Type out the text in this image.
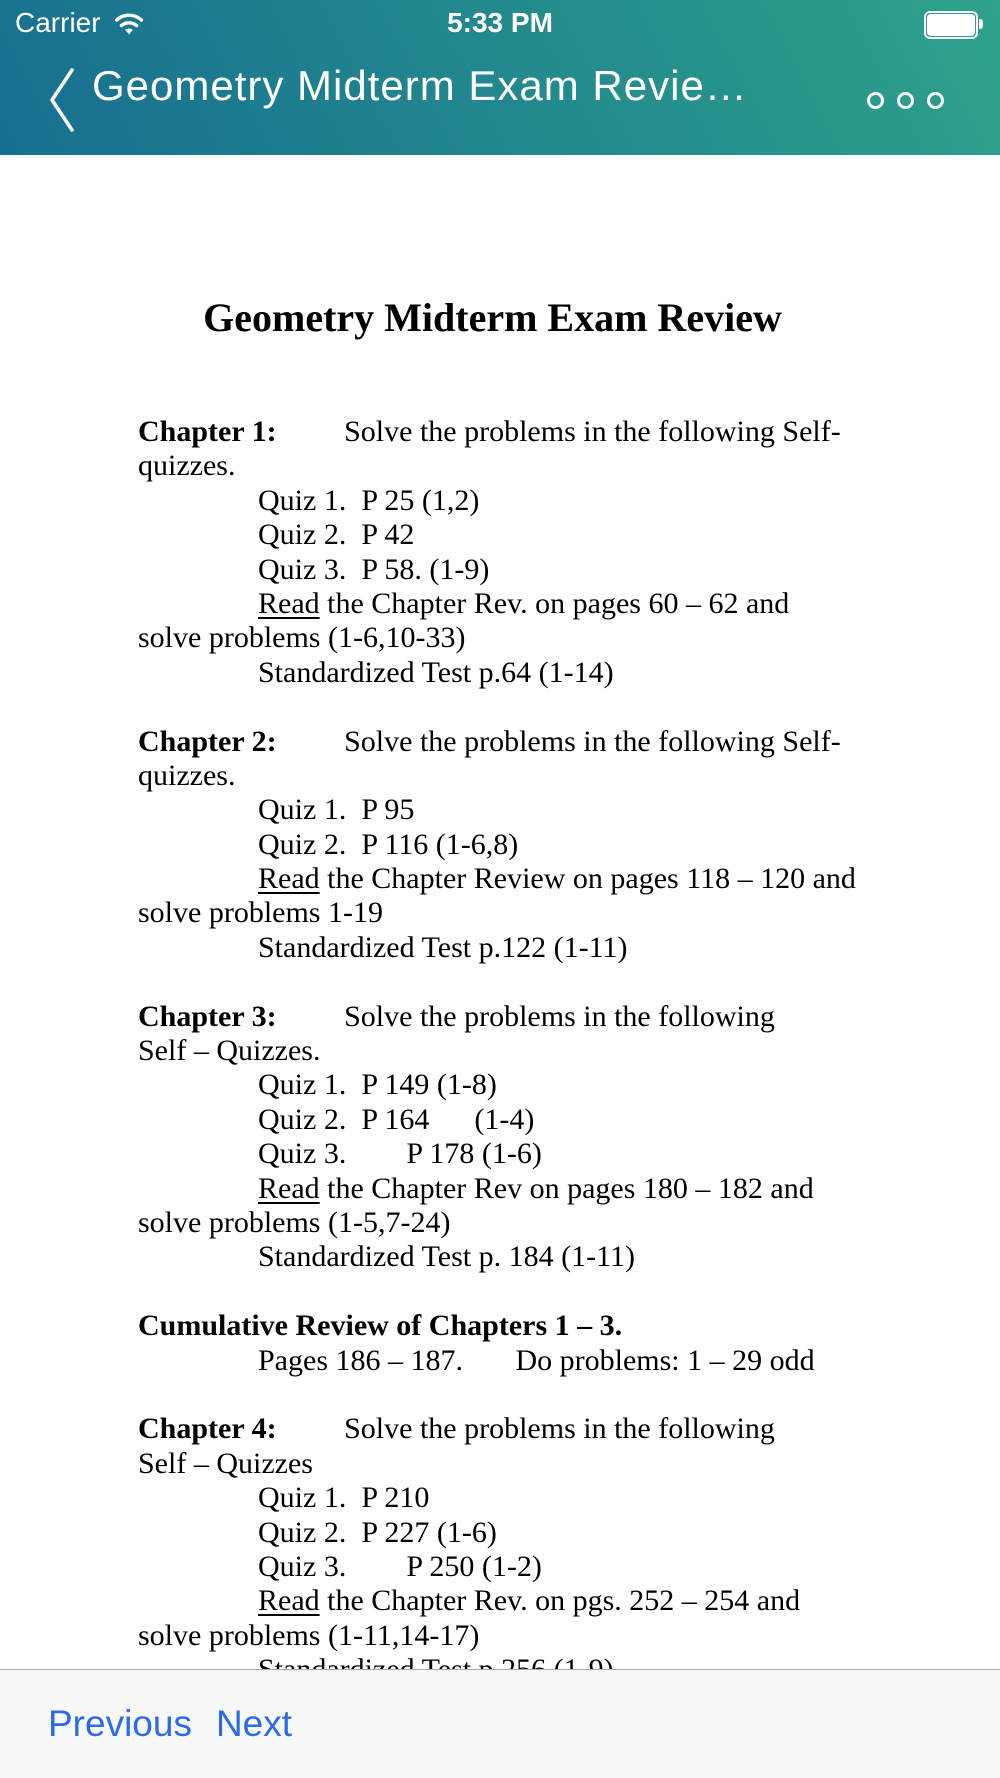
Carrier	5:33 PM
Geometry Midterm Exam Revie…
Geometry Midterm Exam Review
Chapter 1:         Solve the problems in the following Self-
quizzes.
Quiz 1.  P 25 (1,2)
Quiz 2.  P 42
Quiz 3.  P 58. (1-9)
Read the Chapter Rev. on pages 60 – 62 and
solve problems (1-6,10-33)
Standardized Test p.64 (1-14)
Chapter 2:         Solve the problems in the following Self-
quizzes.
Quiz 1.  P 95
Quiz 2.  P 116 (1-6,8)
Read the Chapter Review on pages 118 – 120 and
solve problems 1-19
Standardized Test p.122 (1-11)
Chapter 3:         Solve the problems in the following
Self – Quizzes.
Quiz 1.  P 149 (1-8)
Quiz 2.  P 164      (1-4)
Quiz 3.        P 178 (1-6)
Read the Chapter Rev on pages 180 – 182 and
solve problems (1-5,7-24)
Standardized Test p. 184 (1-11)
Cumulative Review of Chapters 1 – 3.
Pages 186 – 187.       Do problems: 1 – 29 odd
Chapter 4:         Solve the problems in the following
Self – Quizzes
Quiz 1.  P 210
Quiz 2.  P 227 (1-6)
Quiz 3.        P 250 (1-2)
Read the Chapter Rev. on pgs. 252 – 254 and
solve problems (1-11,14-17)
Previous Next
